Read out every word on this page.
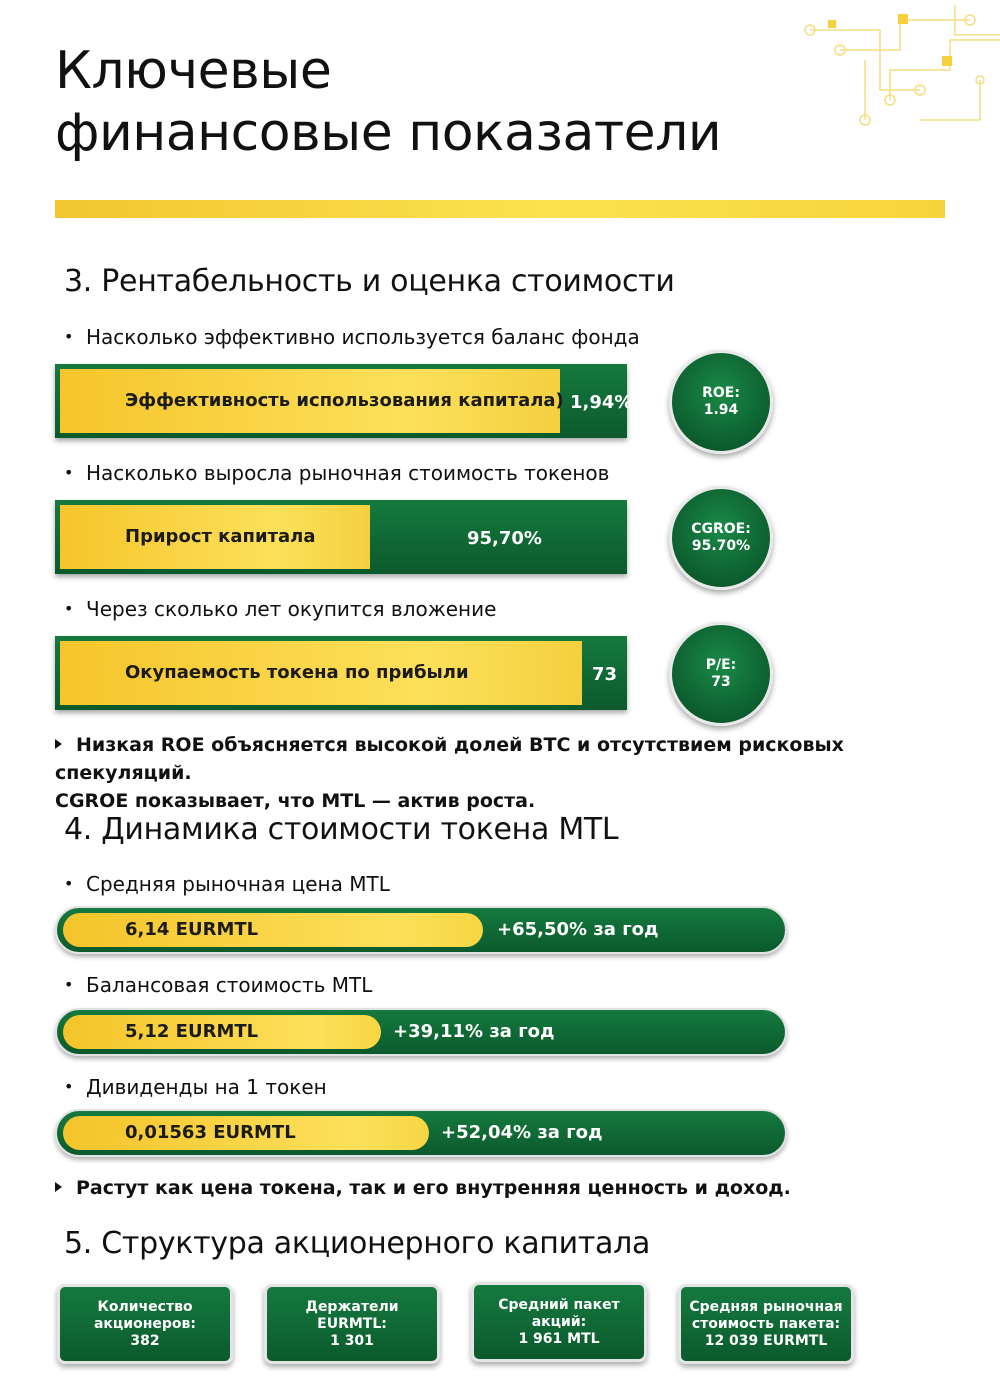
Ключевые
финансовые показатели
3. Рентабельность и оценка стоимости
• Насколько эффективно используется баланс фонда
Эффективность использования капитала) 1,94%	ROE:
1.94
• Насколько выросла рыночная стоимость токенов
Прирост капитала	95,70%	CGROE:
95.70%
• Через сколько лет окупится вложение
Окупаемость токена по прибыли	73	P/E:
73
Низкая ROE объясняется высокой долей BTC и отсутствием рисковых спекуляций.
CGROE показывает, что MTL — актив роста.
4. Динамика стоимости токена MTL
• Средняя рыночная цена MTL
6,14 EURMTL	+65,50% за год
• Балансовая стоимость MTL
5,12 EURMTL	+39,11% за год
• Дивиденды на 1 токен
0,01563 EURMTL	+52,04% за год
Растут как цена токена, так и его внутренняя ценность и доход.
5. Структура акционерного капитала
Количество
акционеров:
382
Держатели
EURMTL:
1 301
Средний пакет
акций:
1 961 MTL
Средняя рыночная
стоимость пакета:
12 039 EURMTL
